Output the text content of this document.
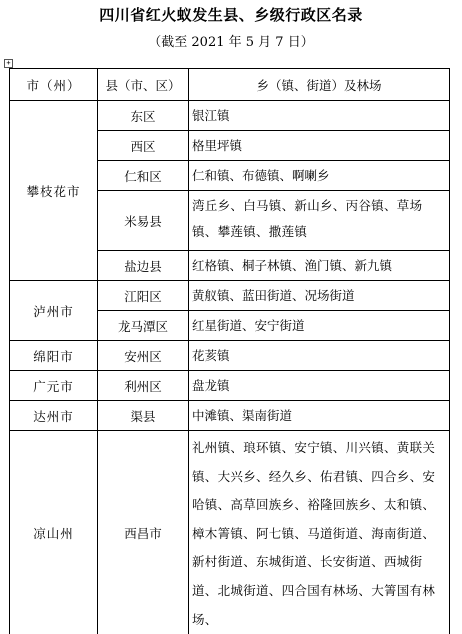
四川省红火蚁发生县、乡级行政区名录
（截至 2021 年 5 月 7 日）
+
市（州）	县（市、区）	乡（镇、街道）及林场
攀枝花市	东区	银江镇
	西区	格里坪镇
	仁和区	仁和镇、布德镇、啊喇乡
	米易县	湾丘乡、白马镇、新山乡、丙谷镇、草场镇、攀莲镇、撒莲镇
	盐边县	红格镇、桐子林镇、渔门镇、新九镇
泸州市	江阳区	黄舣镇、蓝田街道、况场街道
	龙马潭区	红星街道、安宁街道
绵阳市	安州区	花荄镇
广元市	利州区	盘龙镇
达州市	渠县	中滩镇、渠南街道
凉山州	西昌市	礼州镇、琅环镇、安宁镇、川兴镇、黄联关镇、大兴乡、经久乡、佑君镇、四合乡、安哈镇、高草回族乡、裕隆回族乡、太和镇、樟木箐镇、阿七镇、马道街道、海南街道、新村街道、东城街道、长安街道、西城街道、北城街道、四合国有林场、大箐国有林场、
